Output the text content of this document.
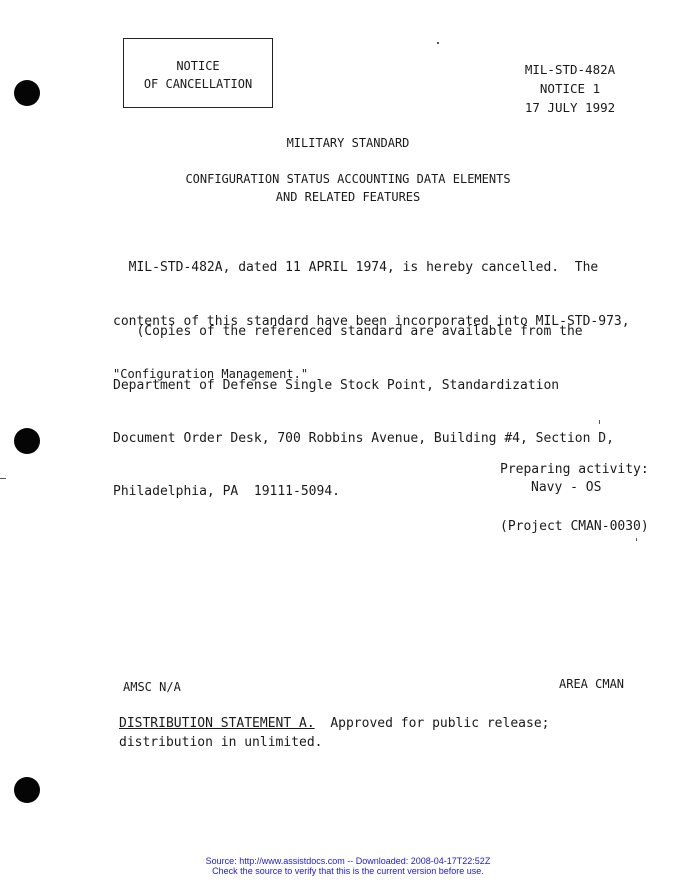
NOTICE
OF CANCELLATION
MIL-STD-482A
NOTICE 1
17 JULY 1992
MILITARY STANDARD
CONFIGURATION STATUS ACCOUNTING DATA ELEMENTS
AND RELATED FEATURES

MIL-STD-482A, dated 11 APRIL 1974, is hereby cancelled.  The

contents of this standard have been incorporated into MIL-STD-973,

"Configuration Management."

(Copies of the referenced standard are available from the

Department of Defense Single Stock Point, Standardization

Document Order Desk, 700 Robbins Avenue, Building #4, Section D,

Philadelphia, PA  19111-5094.

Preparing activity:
Navy - OS
(Project CMAN-0030)
AMSC N/A	AREA CMAN
DISTRIBUTION STATEMENT A.  Approved for public release;
distribution in unlimited.
Source: http://www.assistdocs.com -- Downloaded: 2008-04-17T22:52Z
Check the source to verify that this is the current version before use.
